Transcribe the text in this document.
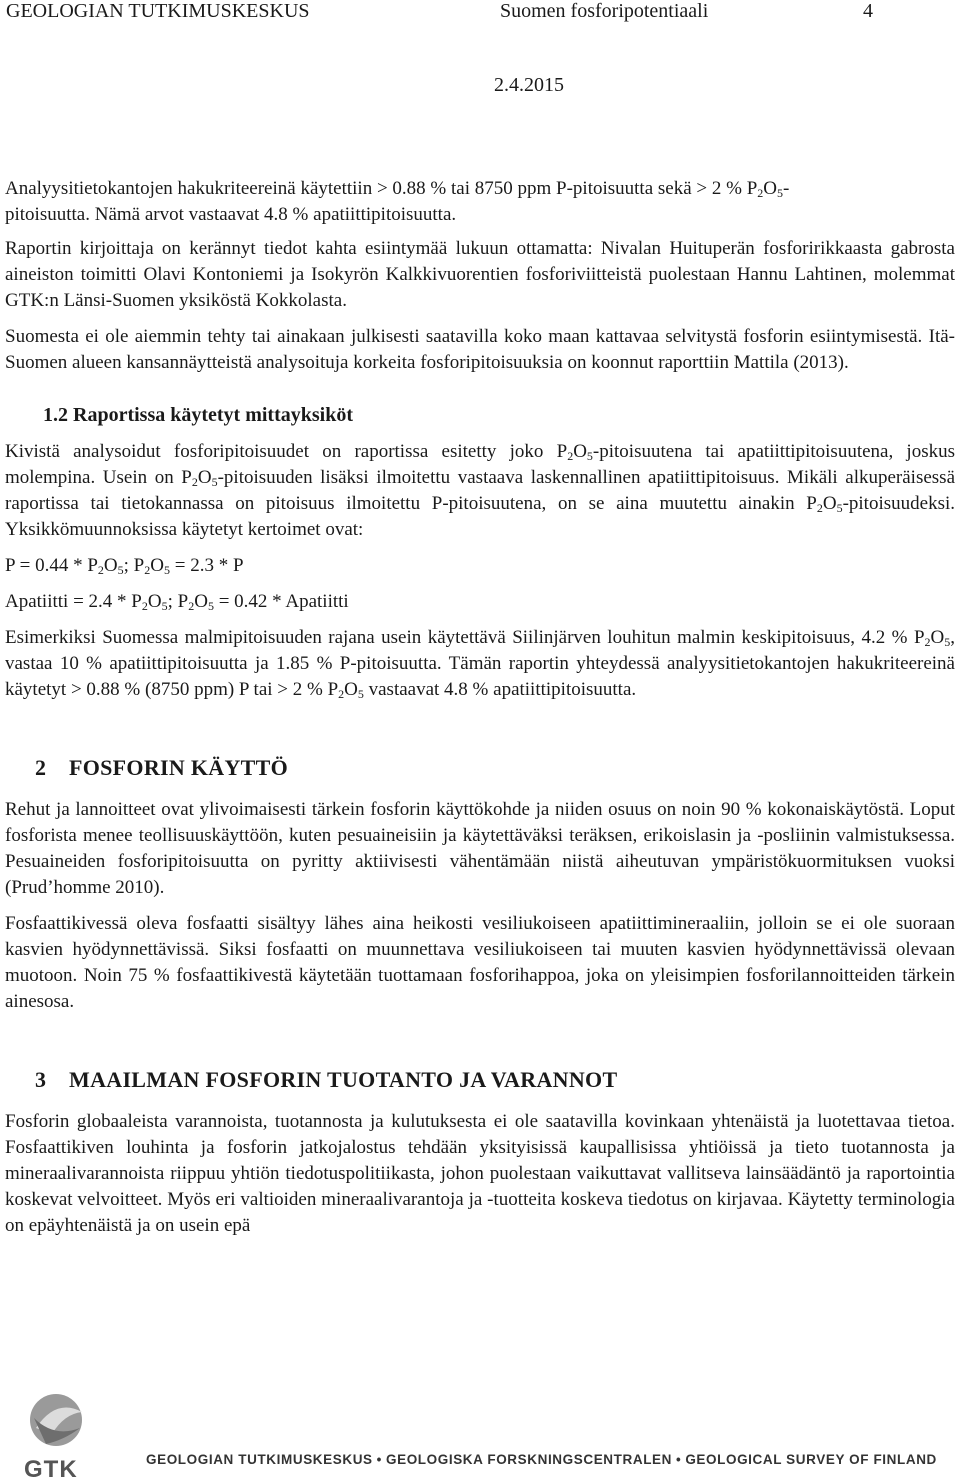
GEOLOGIAN TUTKIMUSKESKUS	Suomen fosforipotentiaali	4
2.4.2015

Analyysitietokantojen hakukriteereinä käytettiin > 0.88 % tai 8750 ppm P-pitoisuutta sekä > 2 % $P_2O_5-$
pitoisuutta. Nämä arvot vastaavat 4.8 % apatiittipitoisuutta.

Raportin kirjoittaja on kerännyt tiedot kahta esiintymää lukuun ottamatta: Nivalan Huituperän fosforirikkaasta gabrosta aineiston toimitti Olavi Kontoniemi ja Isokyrön Kalkkivuorentien fosforiviitteistä puolestaan Hannu Lahtinen, molemmat GTK:n Länsi-Suomen yksiköstä Kokkolasta.

Suomesta ei ole aiemmin tehty tai ainakaan julkisesti saatavilla koko maan kattavaa selvitystä fosforin esiintymisestä. Itä-Suomen alueen kansannäytteistä analysoituja korkeita fosforipitoisuuksia on koonnut raporttiin Mattila (2013).

1.2 Raportissa käytetyt mittayksiköt

Kivistä analysoidut fosforipitoisuudet on raportissa esitetty joko $P_2O_5$-pitoisuutena tai apatiittipitoisuutena, joskus molempina. Usein on $P_2O_5$-pitoisuuden lisäksi ilmoitettu vastaava laskennallinen apatiittipitoisuus. Mikäli alkuperäisessä raportissa tai tietokannassa on pitoisuus ilmoitettu P-pitoisuutena, on se aina muutettu ainakin $P_2O_5$-pitoisuudeksi. Yksikkömuunnoksissa käytetyt kertoimet ovat:

$P = 0.44 * P_2O_5$; $P_2O_5 = 2.3 * P$

Apatiitti = $2.4 * P_2O_5$; $P_2O_5 = 0.42$ * Apatiitti

Esimerkiksi Suomessa malmipitoisuuden rajana usein käytettävä Siilinjärven louhitun malmin keskipitoisuus, 4.2 % $P_2O_5$, vastaa 10 % apatiittipitoisuutta ja 1.85 % P-pitoisuutta. Tämän raportin yhteydessä analyysitietokantojen hakukriteereinä käytetyt > 0.88 % (8750 ppm) P tai > 2 % $P_2O_5$ vastaavat 4.8 % apatiittipitoisuutta.

2 FOSFORIN KÄYTTÖ

Rehut ja lannoitteet ovat ylivoimaisesti tärkein fosforin käyttökohde ja niiden osuus on noin 90 % kokonaiskäytöstä. Loput fosforista menee teollisuuskäyttöön, kuten pesuaineisiin ja käytettäväksi teräksen, erikoislasin ja -posliinin valmistuksessa. Pesuaineiden fosforipitoisuutta on pyritty aktiivisesti vähentämään niistä aiheutuvan ympäristökuormituksen vuoksi (Prud’homme 2010).

Fosfaattikivessä oleva fosfaatti sisältyy lähes aina heikosti vesiliukoiseen apatiittimineraaliin, jolloin se ei ole suoraan kasvien hyödynnettävissä. Siksi fosfaatti on muunnettava vesiliukoiseen tai muuten kasvien hyödynnettävissä olevaan muotoon. Noin 75 % fosfaattikivestä käytetään tuottamaan fosforihappoa, joka on yleisimpien fosforilannoitteiden tärkein ainesosa.

3 MAAILMAN FOSFORIN TUOTANTO JA VARANNOT

Fosforin globaaleista varannoista, tuotannosta ja kulutuksesta ei ole saatavilla kovinkaan yhtenäistä ja luotettavaa tietoa. Fosfaattikiven louhinta ja fosforin jatkojalostus tehdään yksityisissä kaupallisissa yhtiöissä ja tieto tuotannosta ja mineraalivarannoista riippuu yhtiön tiedotuspolitiikasta, johon puolestaan vaikuttavat vallitseva lainsäädäntö ja raportointia koskevat velvoitteet. Myös eri valtioiden mineraalivarantoja ja -tuotteita koskeva tiedotus on kirjavaa. Käytetty terminologia on epäyhtenäistä ja on usein epä

GTK	GEOLOGIAN TUTKIMUSKESKUS • GEOLOGISKA FORSKNINGSCENTRALEN • GEOLOGICAL SURVEY OF FINLAND
